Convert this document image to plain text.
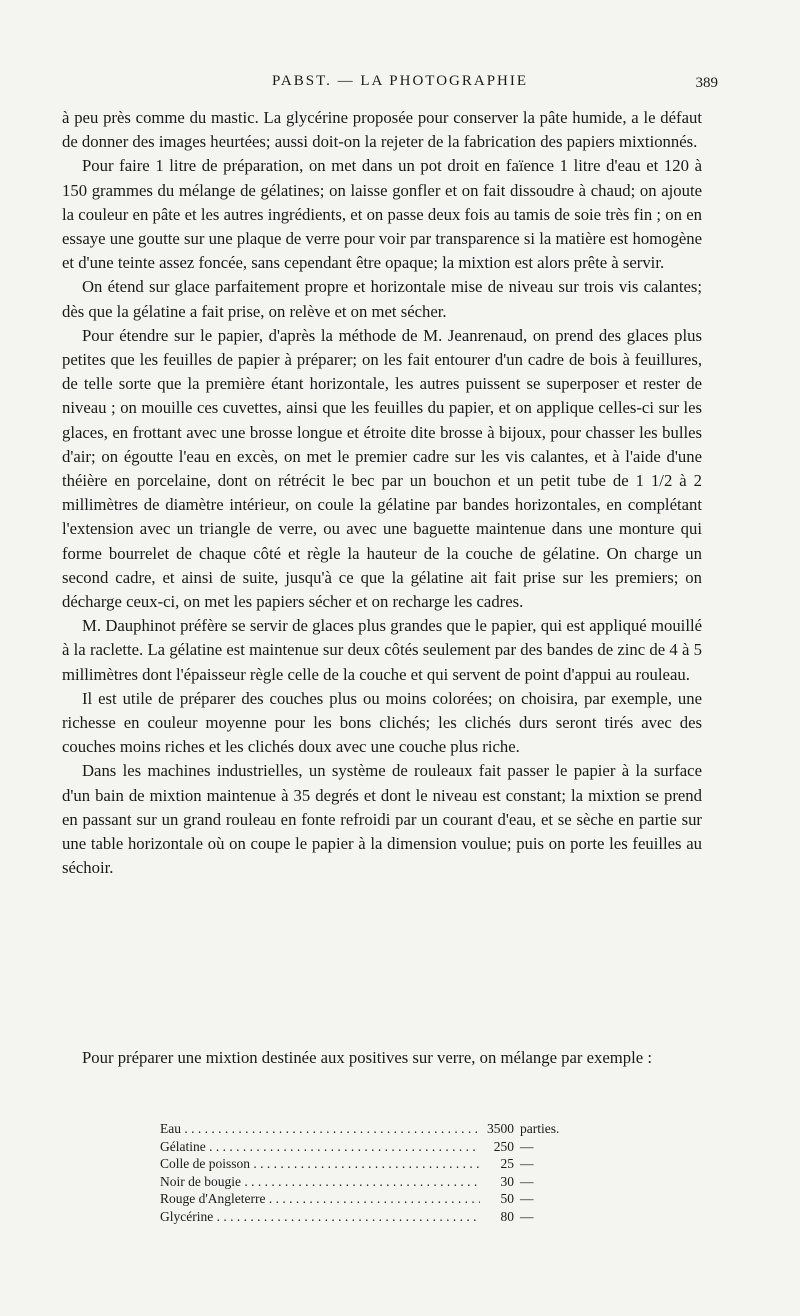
PABST. — LA PHOTOGRAPHIE	389

à peu près comme du mastic. La glycérine proposée pour conserver la pâte humide, a le défaut de donner des images heurtées; aussi doit-on la rejeter de la fabrication des papiers mixtionnés.

Pour faire 1 litre de préparation, on met dans un pot droit en faïence 1 litre d'eau et 120 à 150 grammes du mélange de gélatines; on laisse gonfler et on fait dissoudre à chaud; on ajoute la couleur en pâte et les autres ingrédients, et on passe deux fois au tamis de soie très fin ; on en essaye une goutte sur une plaque de verre pour voir par transparence si la matière est homogène et d'une teinte assez foncée, sans cependant être opaque; la mixtion est alors prête à servir.

On étend sur glace parfaitement propre et horizontale mise de niveau sur trois vis calantes; dès que la gélatine a fait prise, on relève et on met sécher.

Pour étendre sur le papier, d'après la méthode de M. Jeanrenaud, on prend des glaces plus petites que les feuilles de papier à préparer; on les fait entourer d'un cadre de bois à feuillures, de telle sorte que la première étant horizontale, les autres puissent se superposer et rester de niveau ; on mouille ces cuvettes, ainsi que les feuilles du papier, et on applique celles-ci sur les glaces, en frottant avec une brosse longue et étroite dite brosse à bijoux, pour chasser les bulles d'air; on égoutte l'eau en excès, on met le premier cadre sur les vis calantes, et à l'aide d'une théière en porcelaine, dont on rétrécit le bec par un bouchon et un petit tube de 1 1/2 à 2 millimètres de diamètre intérieur, on coule la gélatine par bandes horizontales, en complétant l'extension avec un triangle de verre, ou avec une baguette maintenue dans une monture qui forme bourrelet de chaque côté et règle la hauteur de la couche de gélatine. On charge un second cadre, et ainsi de suite, jusqu'à ce que la gélatine ait fait prise sur les premiers; on décharge ceux-ci, on met les papiers sécher et on recharge les cadres.

M. Dauphinot préfère se servir de glaces plus grandes que le papier, qui est appliqué mouillé à la raclette. La gélatine est maintenue sur deux côtés seulement par des bandes de zinc de 4 à 5 millimètres dont l'épaisseur règle celle de la couche et qui servent de point d'appui au rouleau.

Il est utile de préparer des couches plus ou moins colorées; on choisira, par exemple, une richesse en couleur moyenne pour les bons clichés; les clichés durs seront tirés avec des couches moins riches et les clichés doux avec une couche plus riche.

Dans les machines industrielles, un système de rouleaux fait passer le papier à la surface d'un bain de mixtion maintenue à 35 degrés et dont le niveau est constant; la mixtion se prend en passant sur un grand rouleau en fonte refroidi par un courant d'eau, et se sèche en partie sur une table horizontale où on coupe le papier à la dimension voulue; puis on porte les feuilles au séchoir.

Pour préparer une mixtion destinée aux positives sur verre, on mélange par exemple :

Eau . . .	3500 parties.
Gélatine . . .	250 —
Colle de poisson . . .	25 —
Noir de bougie . . .	30 —
Rouge d'Angleterre . . .	50 —
Glycérine . . .	80 —
